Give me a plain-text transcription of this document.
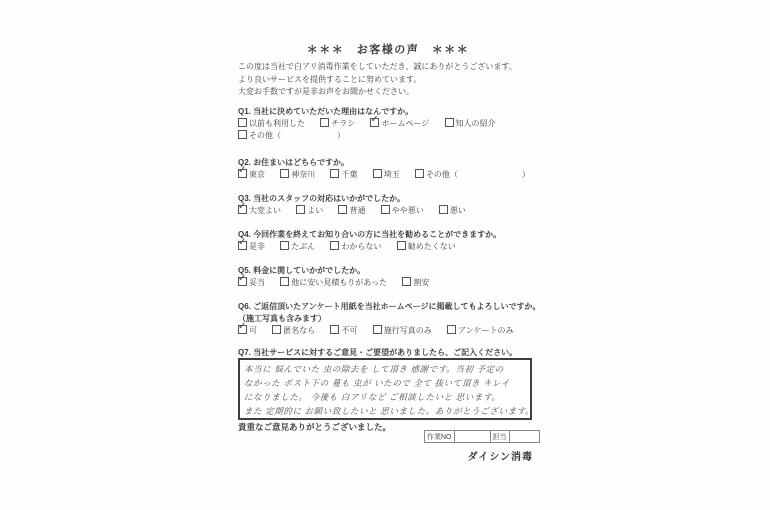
＊＊＊　お客様の声　＊＊＊
この度は当社で白アリ消毒作業をしていただき、誠にありがとうございます。
より良いサービスを提供することに努めています。
大変お手数ですが是非お声をお聞かせください。
Q1. 当社に決めていただいた理由はなんですか。
以前も利用した	チラシ ✓	ホームページ	知人の紹介
その他（　　　　　　　）
Q2. お住まいはどちらですか。
✓東京	神奈川	千葉	埼玉	その他（　　　　　　　　）
Q3. 当社のスタッフの対応はいかがでしたか。
✓大変よい	よい	普通	やや悪い	悪い
Q4. 今回作業を終えてお知り合いの方に当社を勧めることができますか。
✓是非	たぶん	わからない	勧めたくない
Q5. 料金に関していかがでしたか。
✓妥当	他に安い見積もりがあった	割安
Q6. ご返信頂いたアンケート用紙を当社ホームページに掲載してもよろしいですか。
（施工写真も含みます）
✓可	匿名なら	不可	施行写真のみ	アンケートのみ
Q7. 当社サービスに対するご意見・ご要望がありましたら、ご記入ください。
本当に 悩んでいた 虫の除去を して頂き 感謝です。当初 予定の
なかった ポスト下の 蔓も 虫が いたので 全て 抜いて頂き キレイ
になりました。 今後も 白アリなど ご相談したいと 思います。
また 定期的に お願い致したいと 思いました。ありがとうございます。
貴重なご意見ありがとうございました。
作業NO	担当
ダイシン消毒
